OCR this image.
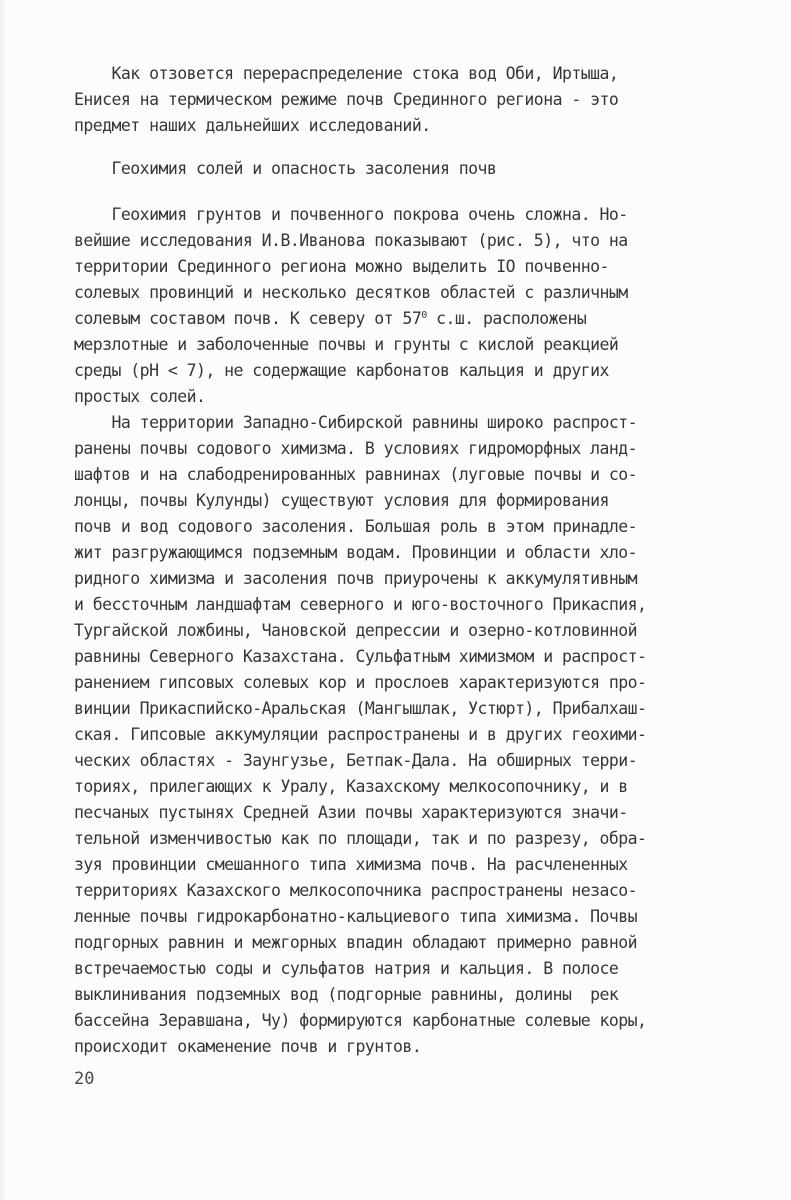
Как отзовется перераспределение стока вод Оби, Иртыша,

Енисея на термическом режиме почв Срединного региона - это

предмет наших дальнейших исследований.

Геохимия солей и опасность засоления почв

Геохимия грунтов и почвенного покрова очень сложна. Но-

вейшие исследования И.В.Иванова показывают (рис. 5), что на

территории Срединного региона можно выделить IO почвенно-

солевых провинций и несколько десятков областей с различным

солевым составом почв. К северу от $57^0$ с.ш. расположены

мерзлотные и заболоченные почвы и грунты с кислой реакцией

среды (pH < 7), не содержащие карбонатов кальция и других

простых солей.

На территории Западно-Сибирской равнины широко распрост-

ранены почвы содового химизма. В условиях гидроморфных ланд-

шафтов и на слабодренированных равнинах (луговые почвы и со-

лонцы, почвы Кулунды) существуют условия для формирования

почв и вод содового засоления. Большая роль в этом принадле-

жит разгружающимся подземным водам. Провинции и области хло-

ридного химизма и засоления почв приурочены к аккумулятивным

и бессточным ландшафтам северного и юго-восточного Прикаспия,

Тургайской ложбины, Чановской депрессии и озерно-котловинной

равнины Северного Казахстана. Сульфатным химизмом и распрост-

ранением гипсовых солевых кор и прослоев характеризуются про-

винции Прикаспийско-Аральская (Мангышлак, Устюрт), Прибалхаш-

ская. Гипсовые аккумуляции распространены и в других геохими-

ческих областях - Заунгузье, Бетпак-Дала. На обширных терри-

ториях, прилегающих к Уралу, Казахскому мелкосопочнику, и в

песчаных пустынях Средней Азии почвы характеризуются значи-

тельной изменчивостью как по площади, так и по разрезу, обра-

зуя провинции смешанного типа химизма почв. На расчлененных

территориях Казахского мелкосопочника распространены незасо-

ленные почвы гидрокарбонатно-кальциевого типа химизма. Почвы

подгорных равнин и межгорных впадин обладают примерно равной

встречаемостью соды и сульфатов натрия и кальция. В полосе

выклинивания подземных вод (подгорные равнины, долины  рек

бассейна Зеравшана, Чу) формируются карбонатные солевые коры,

происходит окаменение почв и грунтов.

20
